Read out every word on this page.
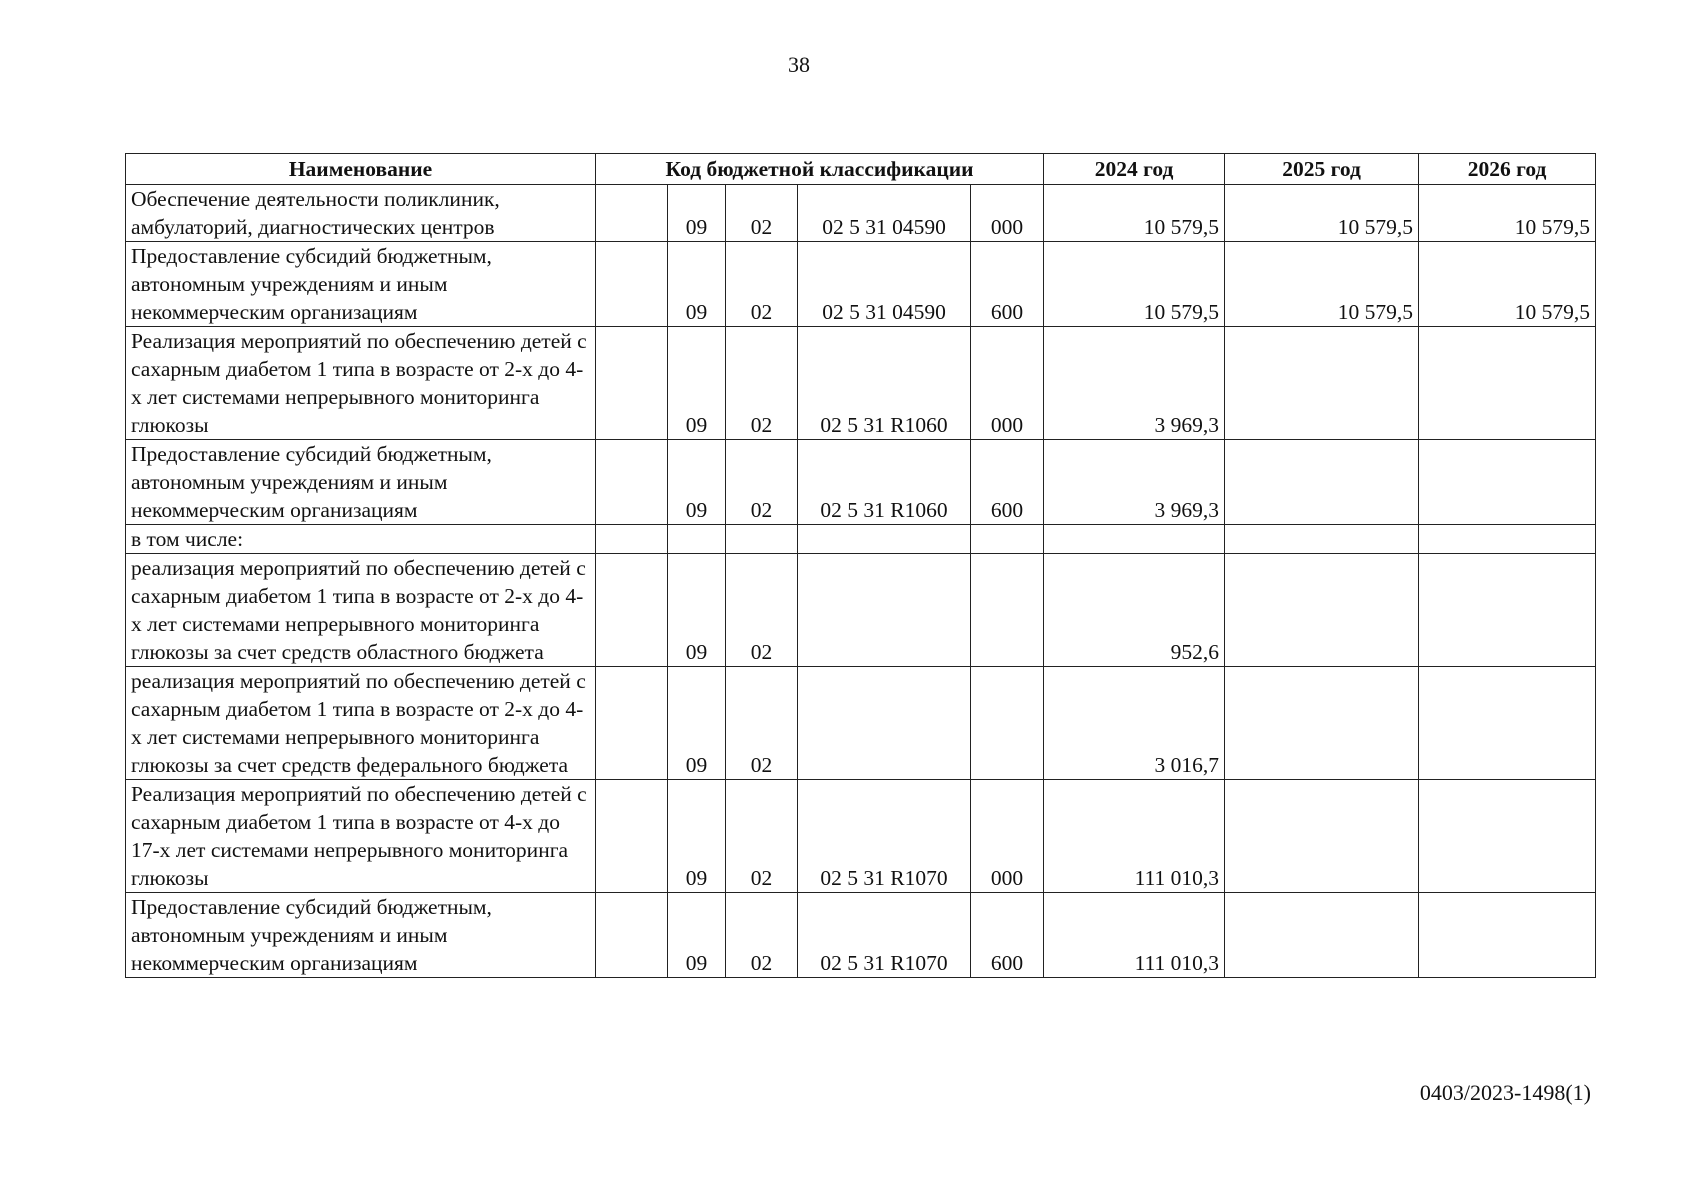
38
Наименование	Код бюджетной классификации					2024 год	2025 год	2026 год
Обеспечение деятельности поликлиник, амбулаторий, диагностических центров		09	02	02 5 31 04590	000	10 579,5	10 579,5	10 579,5
Предоставление субсидий бюджетным, автономным учреждениям и иным некоммерческим организациям		09	02	02 5 31 04590	600	10 579,5	10 579,5	10 579,5
Реализация мероприятий по обеспечению детей с сахарным диабетом 1 типа в возрасте от 2-х до 4-х лет системами непрерывного мониторинга глюкозы		09	02	02 5 31 R1060	000	3 969,3		
Предоставление субсидий бюджетным, автономным учреждениям и иным некоммерческим организациям		09	02	02 5 31 R1060	600	3 969,3		
в том числе:								
реализация мероприятий по обеспечению детей с сахарным диабетом 1 типа в возрасте от 2-х до 4-х лет системами непрерывного мониторинга глюкозы за счет средств областного бюджета		09	02			952,6		
реализация мероприятий по обеспечению детей с сахарным диабетом 1 типа в возрасте от 2-х до 4-х лет системами непрерывного мониторинга глюкозы за счет средств федерального бюджета		09	02			3 016,7		
Реализация мероприятий по обеспечению детей с сахарным диабетом 1 типа в возрасте от 4-х до 17-х лет системами непрерывного мониторинга глюкозы		09	02	02 5 31 R1070	000	111 010,3		
Предоставление субсидий бюджетным, автономным учреждениям и иным некоммерческим организациям		09	02	02 5 31 R1070	600	111 010,3		
0403/2023-1498(1)
